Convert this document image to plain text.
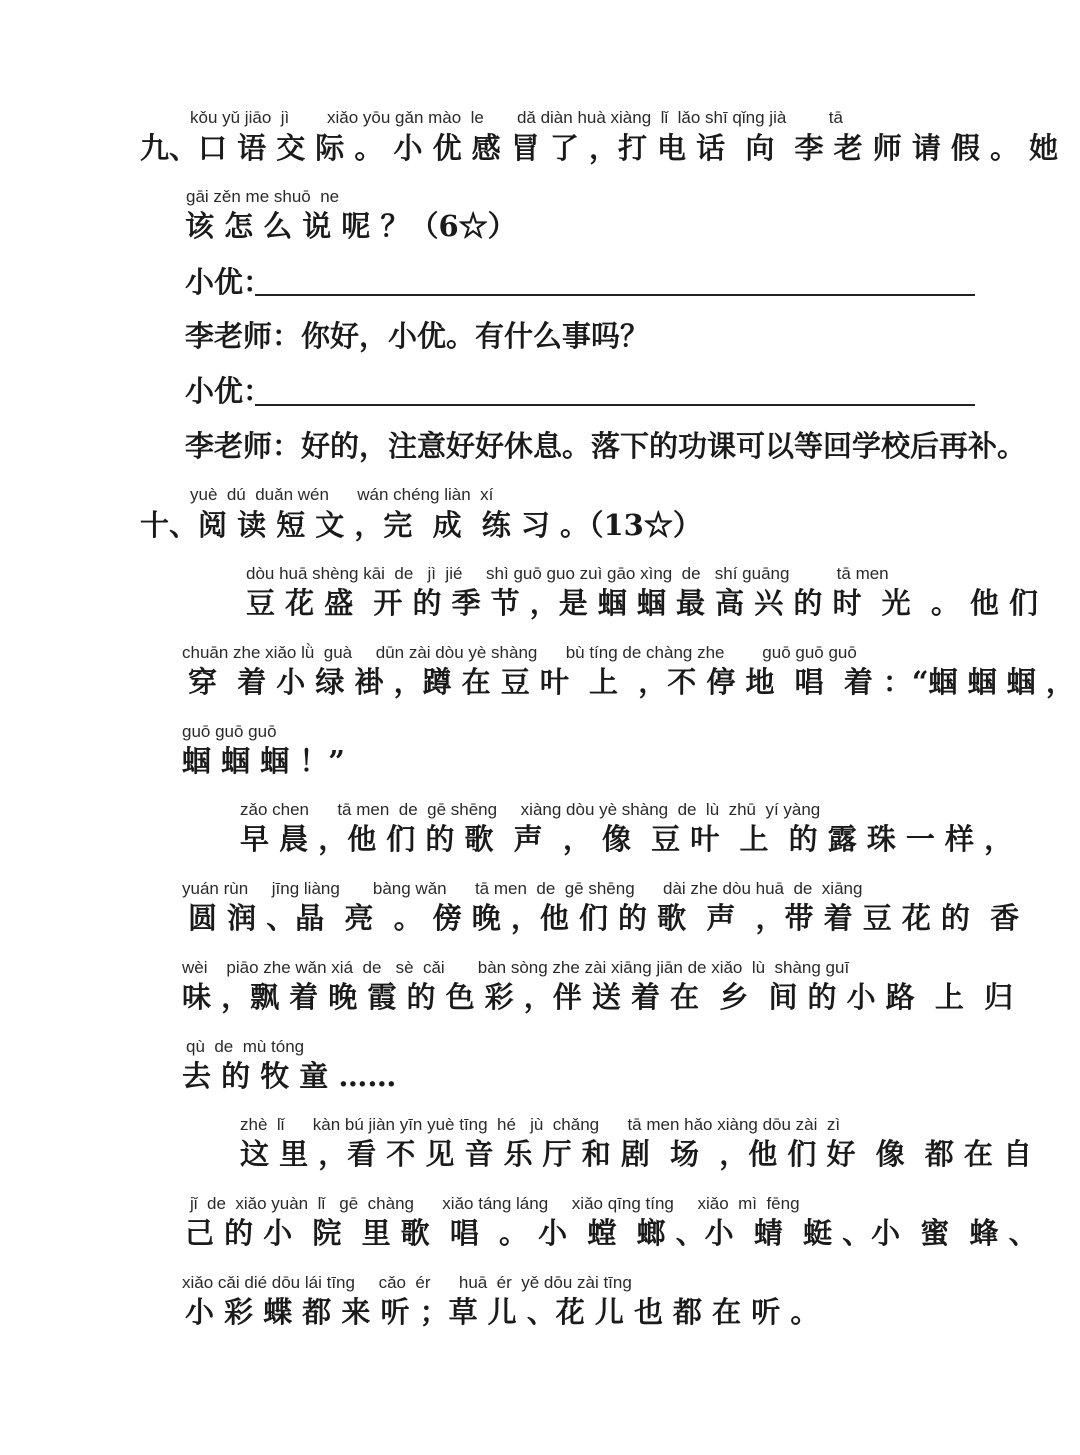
kǒu yǔ jiāo  jì        xiǎo yōu gǎn mào  le       dǎ diàn huà xiàng  lǐ  lǎo shī qǐng jià         tā
九、口 语 交 际 。 小 优 感 冒 了 ，打 电 话  向  李 老 师 请 假 。 她
gāi zěn me shuō  ne
该 怎 么 说 呢 ？（6☆）
小优：
李老师：你好，小优。有什么事吗？
小优：
李老师：好的，注意好好休息。落下的功课可以等回学校后再补。
yuè  dú  duǎn wén      wán chéng liàn  xí
十、阅 读 短 文 ，完  成  练 习 。（13☆）
dòu huā shèng kāi  de   jì  jié     shì guō guo zuì gāo xìng  de   shí guāng          tā men
豆 花 盛  开 的 季 节 ，是 蝈 蝈 最 高 兴 的 时  光  。 他 们
chuān zhe xiǎo lǜ  guà     dūn zài dòu yè shàng      bù tíng de chàng zhe        guō guō guō
穿  着 小 绿 褂 ，蹲 在 豆 叶  上  ，不 停 地  唱  着 ：“蝈 蝈 蝈 ，
guō guō guō
蝈 蝈 蝈 ！”
zǎo chen      tā men  de  gē shēng     xiàng dòu yè shàng  de  lù  zhū  yí yàng
早 晨 ，他 们 的 歌  声  ， 像  豆 叶  上  的 露 珠 一 样 ，
yuán rùn     jīng liàng       bàng wǎn      tā men  de  gē shēng      dài zhe dòu huā  de  xiāng
圆 润 、晶  亮  。 傍 晚 ，他 们 的 歌  声  ，带 着 豆 花 的  香
wèi    piāo zhe wǎn xiá  de   sè  cǎi       bàn sòng zhe zài xiāng jiān de xiǎo  lù  shàng guī
味 ，飘 着 晚 霞 的 色 彩 ，伴 送 着 在  乡  间 的 小 路  上  归
qù  de  mù tóng
去 的 牧 童 ……
zhè  lǐ      kàn bú jiàn yīn yuè tīng  hé   jù  chǎng      tā men hǎo xiàng dōu zài  zì
这 里 ，看 不 见 音 乐 厅 和 剧  场  ，他 们 好  像  都 在 自
jǐ  de  xiǎo yuàn  lǐ   gē  chàng      xiǎo táng láng     xiǎo qīng tíng     xiǎo  mì  fēng
己 的 小  院  里 歌  唱  。 小  螳  螂 、小  蜻  蜓 、小  蜜  蜂 、
xiǎo cǎi dié dōu lái tīng     cǎo  ér      huā  ér  yě dōu zài tīng
小 彩 蝶 都 来 听 ；草 儿 、花 儿 也 都 在 听 。
